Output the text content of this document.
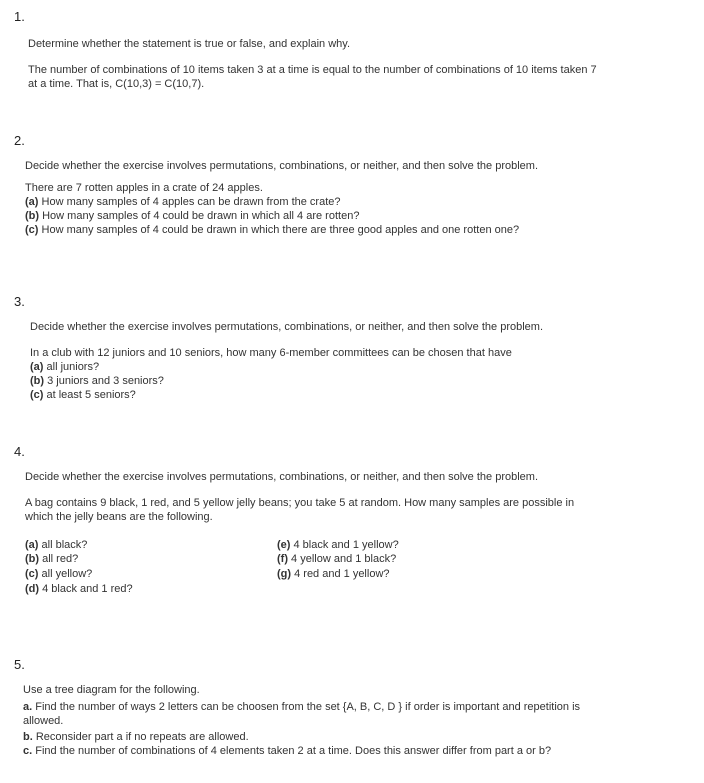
1.
Determine whether the statement is true or false, and explain why.
The number of combinations of 10 items taken 3 at a time is equal to the number of combinations of 10 items taken 7
at a time. That is, C(10,3) = C(10,7).
2.
Decide whether the exercise involves permutations, combinations, or neither, and then solve the problem.
There are 7 rotten apples in a crate of 24 apples.
(a) How many samples of 4 apples can be drawn from the crate?
(b) How many samples of 4 could be drawn in which all 4 are rotten?
(c) How many samples of 4 could be drawn in which there are three good apples and one rotten one?
3.
Decide whether the exercise involves permutations, combinations, or neither, and then solve the problem.
In a club with 12 juniors and 10 seniors, how many 6-member committees can be chosen that have
(a) all juniors?
(b) 3 juniors and 3 seniors?
(c) at least 5 seniors?
4.
Decide whether the exercise involves permutations, combinations, or neither, and then solve the problem.
A bag contains 9 black, 1 red, and 5 yellow jelly beans; you take 5 at random. How many samples are possible in
which the jelly beans are the following.
(a) all black?
(b) all red?
(c) all yellow?
(d) 4 black and 1 red?
(e) 4 black and 1 yellow?
(f) 4 yellow and 1 black?
(g) 4 red and 1 yellow?
5.
Use a tree diagram for the following.
a. Find the number of ways 2 letters can be choosen from the set {A, B, C, D } if order is important and repetition is
allowed.
b. Reconsider part a if no repeats are allowed.
c. Find the number of combinations of 4 elements taken 2 at a time. Does this answer differ from part a or b?
